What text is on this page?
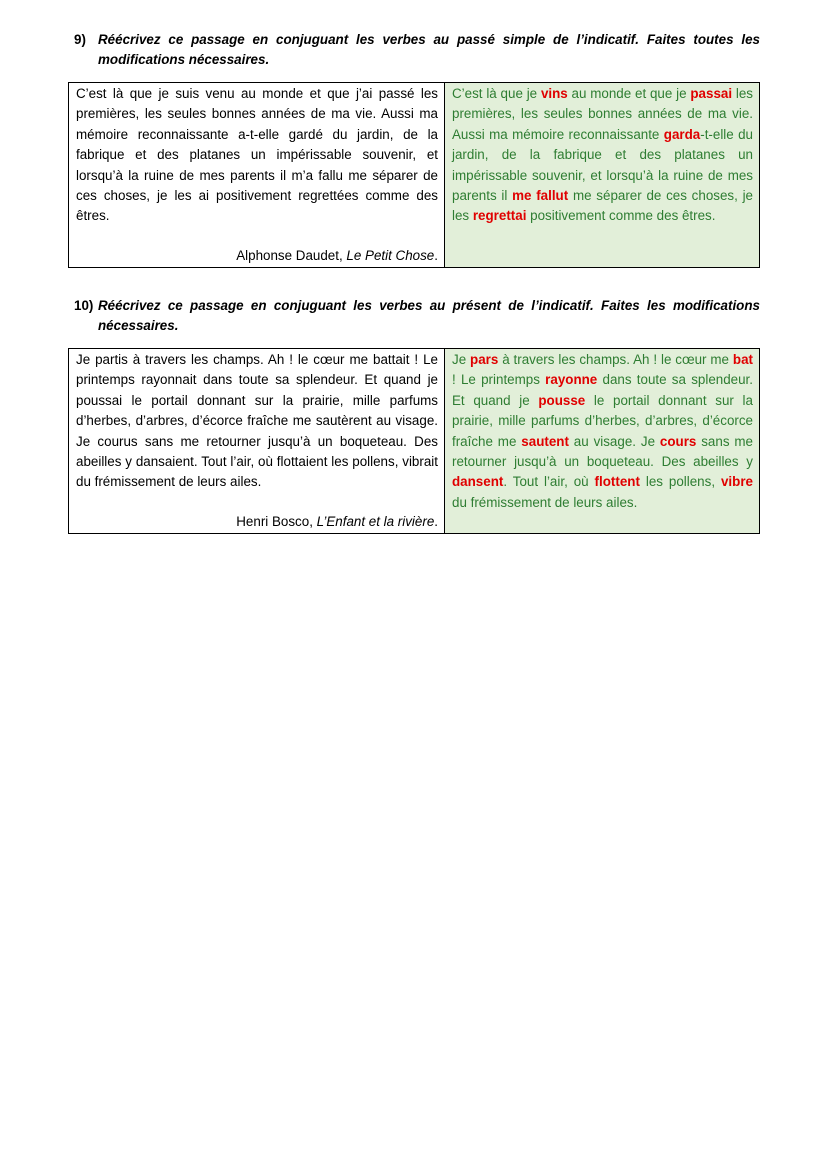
9) Réécrivez ce passage en conjuguant les verbes au passé simple de l’indicatif. Faites toutes les modifications nécessaires.

C’est là que je suis venu au monde et que j’ai passé les premières, les seules bonnes années de ma vie. Aussi ma mémoire reconnaissante a-t-elle gardé du jardin, de la fabrique et des platanes un impérissable souvenir, et lorsqu’à la ruine de mes parents il m’a fallu me séparer de ces choses, je les ai positivement regrettées comme des êtres.
Alphonse Daudet, Le Petit Chose.
	C’est là que je vins au monde et que je passai les premières, les seules bonnes années de ma vie. Aussi ma mémoire reconnaissante garda-t-elle du jardin, de la fabrique et des platanes un impérissable souvenir, et lorsqu’à la ruine de mes parents il me fallut me séparer de ces choses, je les regrettai positivement comme des êtres.

10) Réécrivez ce passage en conjuguant les verbes au présent de l’indicatif. Faites les modifications nécessaires.

Je partis à travers les champs. Ah ! le cœur me battait ! Le printemps rayonnait dans toute sa splendeur. Et quand je poussai le portail donnant sur la prairie, mille parfums d’herbes, d’arbres, d’écorce fraîche me sautèrent au visage. Je courus sans me retourner jusqu’à un boqueteau. Des abeilles y dansaient. Tout l’air, où flottaient les pollens, vibrait du frémissement de leurs ailes.
Henri Bosco, L’Enfant et la rivière.
	Je pars à travers les champs. Ah ! le cœur me bat ! Le printemps rayonne dans toute sa splendeur. Et quand je pousse le portail donnant sur la prairie, mille parfums d’herbes, d’arbres, d’écorce fraîche me sautent au visage. Je cours sans me retourner jusqu’à un boqueteau. Des abeilles y dansent. Tout l’air, où flottent les pollens, vibre du frémissement de leurs ailes.
